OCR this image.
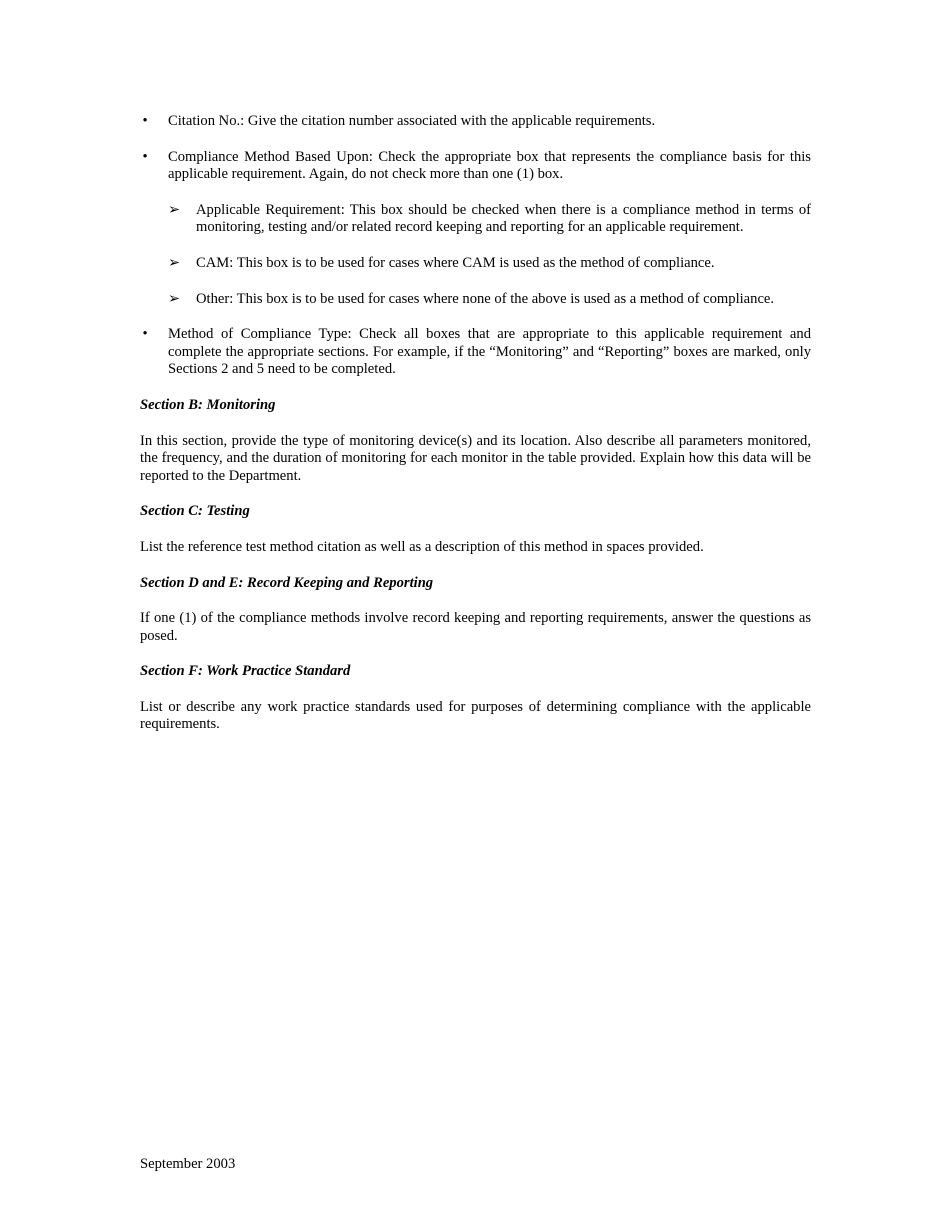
• Citation No.: Give the citation number associated with the applicable requirements.

• Compliance Method Based Upon: Check the appropriate box that represents the compliance basis for this applicable requirement. Again, do not check more than one (1) box.

➢ Applicable Requirement: This box should be checked when there is a compliance method in terms of monitoring, testing and/or related record keeping and reporting for an applicable requirement.

➢ CAM: This box is to be used for cases where CAM is used as the method of compliance.

➢ Other: This box is to be used for cases where none of the above is used as a method of compliance.

• Method of Compliance Type: Check all boxes that are appropriate to this applicable requirement and complete the appropriate sections. For example, if the “Monitoring” and “Reporting” boxes are marked, only Sections 2 and 5 need to be completed.

Section B: Monitoring

In this section, provide the type of monitoring device(s) and its location. Also describe all parameters monitored, the frequency, and the duration of monitoring for each monitor in the table provided. Explain how this data will be reported to the Department.

Section C: Testing

List the reference test method citation as well as a description of this method in spaces provided.

Section D and E: Record Keeping and Reporting

If one (1) of the compliance methods involve record keeping and reporting requirements, answer the questions as posed.

Section F: Work Practice Standard

List or describe any work practice standards used for purposes of determining compliance with the applicable requirements.

September 2003
